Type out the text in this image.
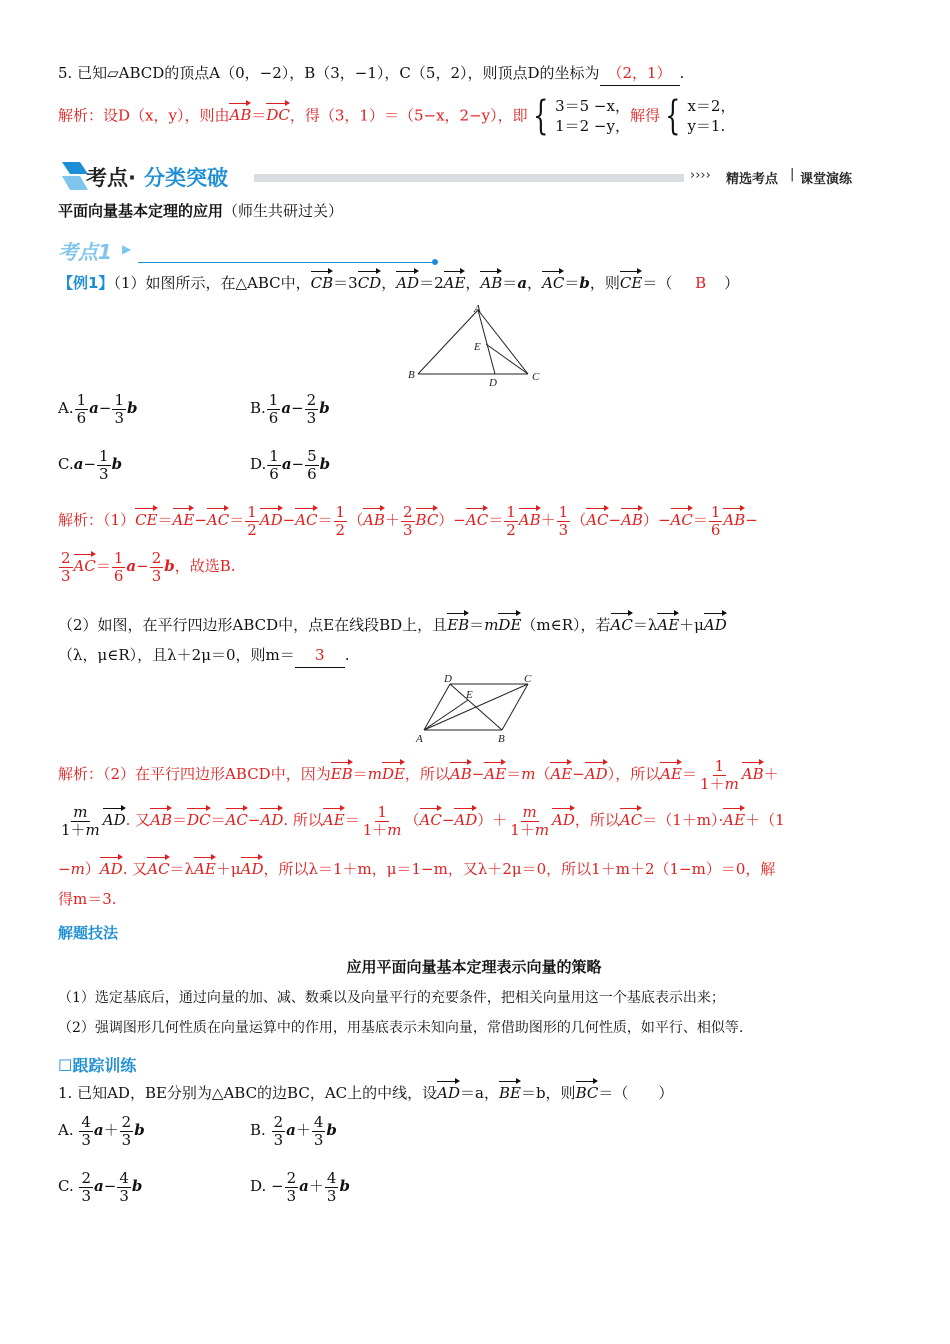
5. 已知▱ABCD的顶点A（0，−2），B（3，−1），C（5，2），则顶点D的坐标为 （2，1） .
解析：设D（x，y），则由AB＝DC，得（3，1）＝（5−x，2−y），即 { 3＝5 −x，
1＝2 −y，
解得 { x＝2，
y＝1.
考点· 分类突破	›››› 精选考点 | 课堂演练
平面向量基本定理的应用（师生共研过关）
考点1 ▶
【例1】（1）如图所示，在△ABC中，CB＝3CD，AD＝2AE，AB＝a，AC＝b，则CE＝（ B ）
A
E
B
D	C
A. $\frac{1}{6} a- \frac{1}{3}$ b	B. $\frac{1}{6} a- \frac{2}{3}$ b
$C.a- \frac{1}{3}$ b	D. $\frac{1}{6} a- \frac{5}{6}$ b
解析：$(1)CE=AE-AC= \frac{1}{2} AD-AC= \frac{1}{2} (AB+ \frac{2}{3} BC)-AC= \frac{1}{2} AB+ \frac{1}{3} (AC-AB)-AC= \frac{1}{6} AB-$
$\frac{2}{3} AC= \frac{1}{6} a- \frac{2}{3}$ b，故选B.
（2）如图，在平行四边形ABCD中，点E在线段BD上，且EB＝mDE（m∈R），若AC＝λAE＋μAD
（λ，μ∈R），且λ＋2μ＝0，则m＝ 3 .
D	C
E
A	B
解析：（2）在平行四边形ABCD中，因为EB＝mDE，所以AB−AE＝m（AE−AD），所以$AE= \frac{1}{1+m} AB+$
$\frac{m}{1+m}$ AD. 又AB＝DC＝AC−AD. 所以$AE= \frac{1}{1+m} (AC-AD)+ \frac{m}{1+m}$ AD，所以AC＝（1＋m）·AE＋（1
−m）AD. 又AC＝λAE＋μAD，所以λ＝1＋m，μ＝1−m，又λ＋2μ＝0，所以1＋m＋2（1−m）＝0，解
得m＝3.
解题技法
应用平面向量基本定理表示向量的策略
（1）选定基底后，通过向量的加、减、数乘以及向量平行的充要条件，把相关向量用这一个基底表示出来；
（2）强调图形几何性质在向量运算中的作用，用基底表示未知向量，常借助图形的几何性质，如平行、相似等.
☐跟踪训练
1. 已知AD，BE分别为△ABC的边BC，AC上的中线，设AD＝a，BE＝b，则BC＝（　　）
A. $\frac{4}{3} a+ \frac{2}{3}$ b	B. $\frac{2}{3} a+ \frac{4}{3}$ b
C. $\frac{2}{3} a- \frac{4}{3}$ b	D. − $\frac{2}{3} a+ \frac{4}{3}$ b
